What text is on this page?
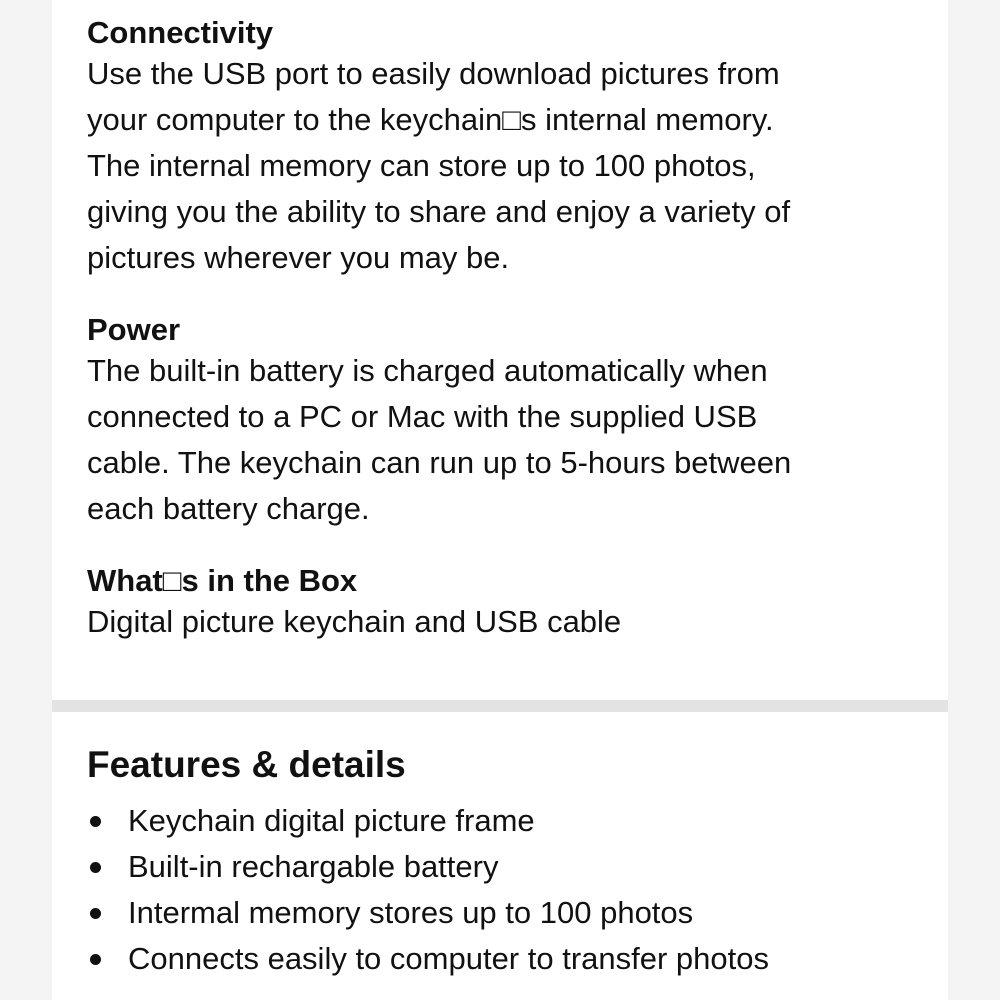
Connectivity

Use the USB port to easily download pictures from
your computer to the keychain□s internal memory.
The internal memory can store up to 100 photos,
giving you the ability to share and enjoy a variety of
pictures wherever you may be.

Power

The built-in battery is charged automatically when
connected to a PC or Mac with the supplied USB
cable. The keychain can run up to 5-hours between
each battery charge.

What□s in the Box

Digital picture keychain and USB cable

Features & details
Keychain digital picture frame
Built-in rechargable battery
Intermal memory stores up to 100 photos
Connects easily to computer to transfer photos
